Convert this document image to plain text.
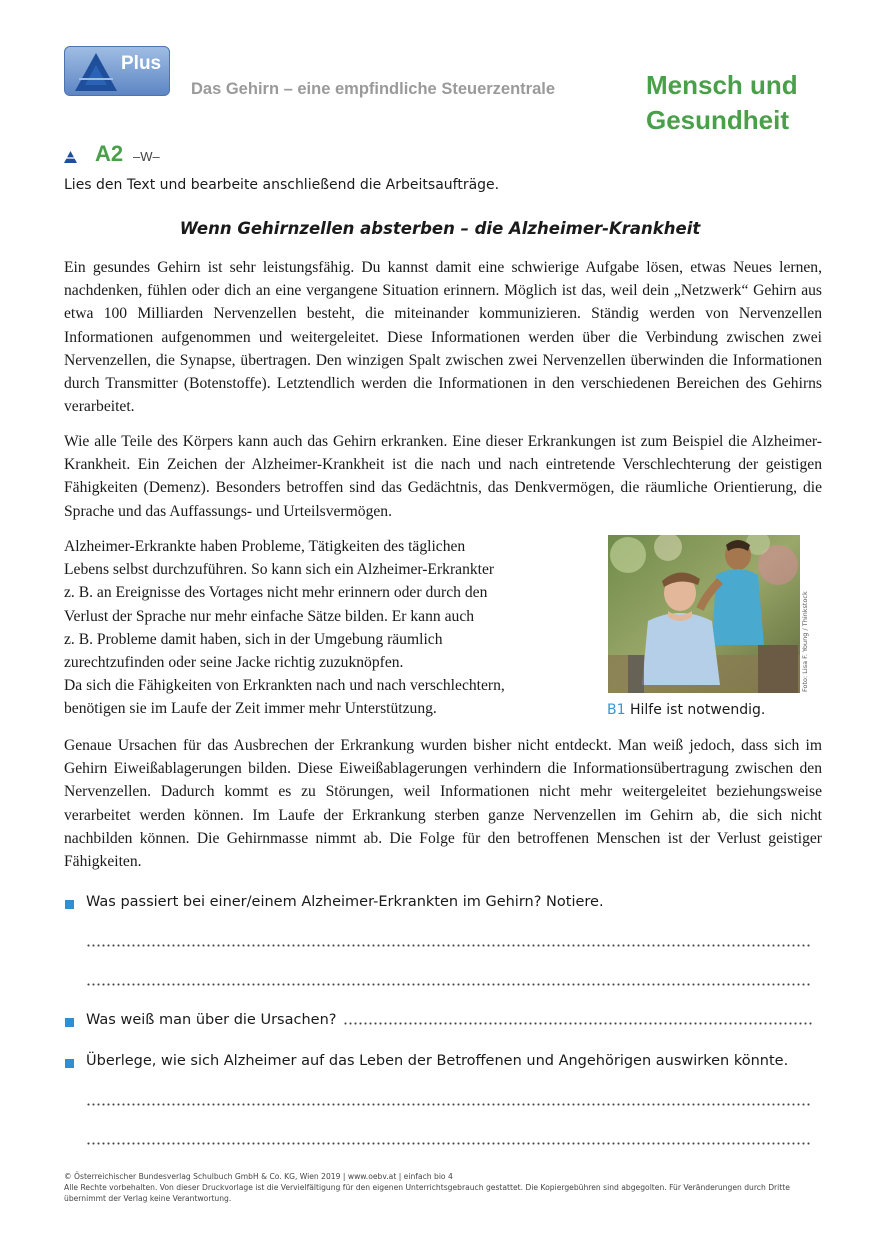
Plus
Das Gehirn – eine empfindliche Steuerzentrale	Mensch und
Gesundheit
A2 –W–
Lies den Text und bearbeite anschließend die Arbeitsaufträge.
Wenn Gehirnzellen absterben – die Alzheimer-Krankheit
Ein gesundes Gehirn ist sehr leistungsfähig. Du kannst damit eine schwierige Aufgabe lösen, etwas Neues lernen, nachdenken, fühlen oder dich an eine vergangene Situation erinnern. Möglich ist das, weil dein „Netzwerk“ Gehirn aus etwa 100 Milliarden Nervenzellen besteht, die miteinander kommunizieren. Ständig werden von Nervenzellen Informationen aufgenommen und weitergeleitet. Diese Informationen werden über die Verbindung zwischen zwei Nervenzellen, die Synapse, übertragen. Den winzigen Spalt zwischen zwei Nervenzellen überwinden die Informationen durch Transmitter (Botenstoffe). Letztendlich werden die Informationen in den verschiedenen Bereichen des Gehirns verarbeitet.
Wie alle Teile des Körpers kann auch das Gehirn erkranken. Eine dieser Erkrankungen ist zum Beispiel die Alzheimer-Krankheit. Ein Zeichen der Alzheimer-Krankheit ist die nach und nach eintretende Verschlechterung der geistigen Fähigkeiten (Demenz). Besonders betroffen sind das Gedächtnis, das Denkvermögen, die räumliche Orientierung, die Sprache und das Auffassungs- und Urteilsvermögen.
Alzheimer-Erkrankte haben Probleme, Tätigkeiten des täglichen
Lebens selbst durchzuführen. So kann sich ein Alzheimer-Erkrankter
z. B. an Ereignisse des Vortages nicht mehr erinnern oder durch den
Verlust der Sprache nur mehr einfache Sätze bilden. Er kann auch
z. B. Probleme damit haben, sich in der Umgebung räumlich
zurechtzufinden oder seine Jacke richtig zuzuknöpfen.
Da sich die Fähigkeiten von Erkrankten nach und nach verschlechtern,
benötigen sie im Laufe der Zeit immer mehr Unterstützung.
Foto: Lisa F. Young / Thinkstock
B1 Hilfe ist notwendig.
Genaue Ursachen für das Ausbrechen der Erkrankung wurden bisher nicht entdeckt. Man weiß jedoch, dass sich im Gehirn Eiweißablagerungen bilden. Diese Eiweißablagerungen verhindern die Informationsübertragung zwischen den Nervenzellen. Dadurch kommt es zu Störungen, weil Informationen nicht mehr weitergeleitet beziehungsweise verarbeitet werden können. Im Laufe der Erkrankung sterben ganze Nervenzellen im Gehirn ab, die sich nicht nachbilden können. Die Gehirnmasse nimmt ab. Die Folge für den betroffenen Menschen ist der Verlust geistiger Fähigkeiten.
Was passiert bei einer/einem Alzheimer-Erkrankten im Gehirn? Notiere.
Was weiß man über die Ursachen?
Überlege, wie sich Alzheimer auf das Leben der Betroffenen und Angehörigen auswirken könnte.
© Österreichischer Bundesverlag Schulbuch GmbH & Co. KG, Wien 2019 | www.oebv.at | einfach bio 4
Alle Rechte vorbehalten. Von dieser Druckvorlage ist die Vervielfältigung für den eigenen Unterrichtsgebrauch gestattet. Die Kopiergebühren sind abgegolten. Für Veränderungen durch Dritte übernimmt der Verlag keine Verantwortung.
